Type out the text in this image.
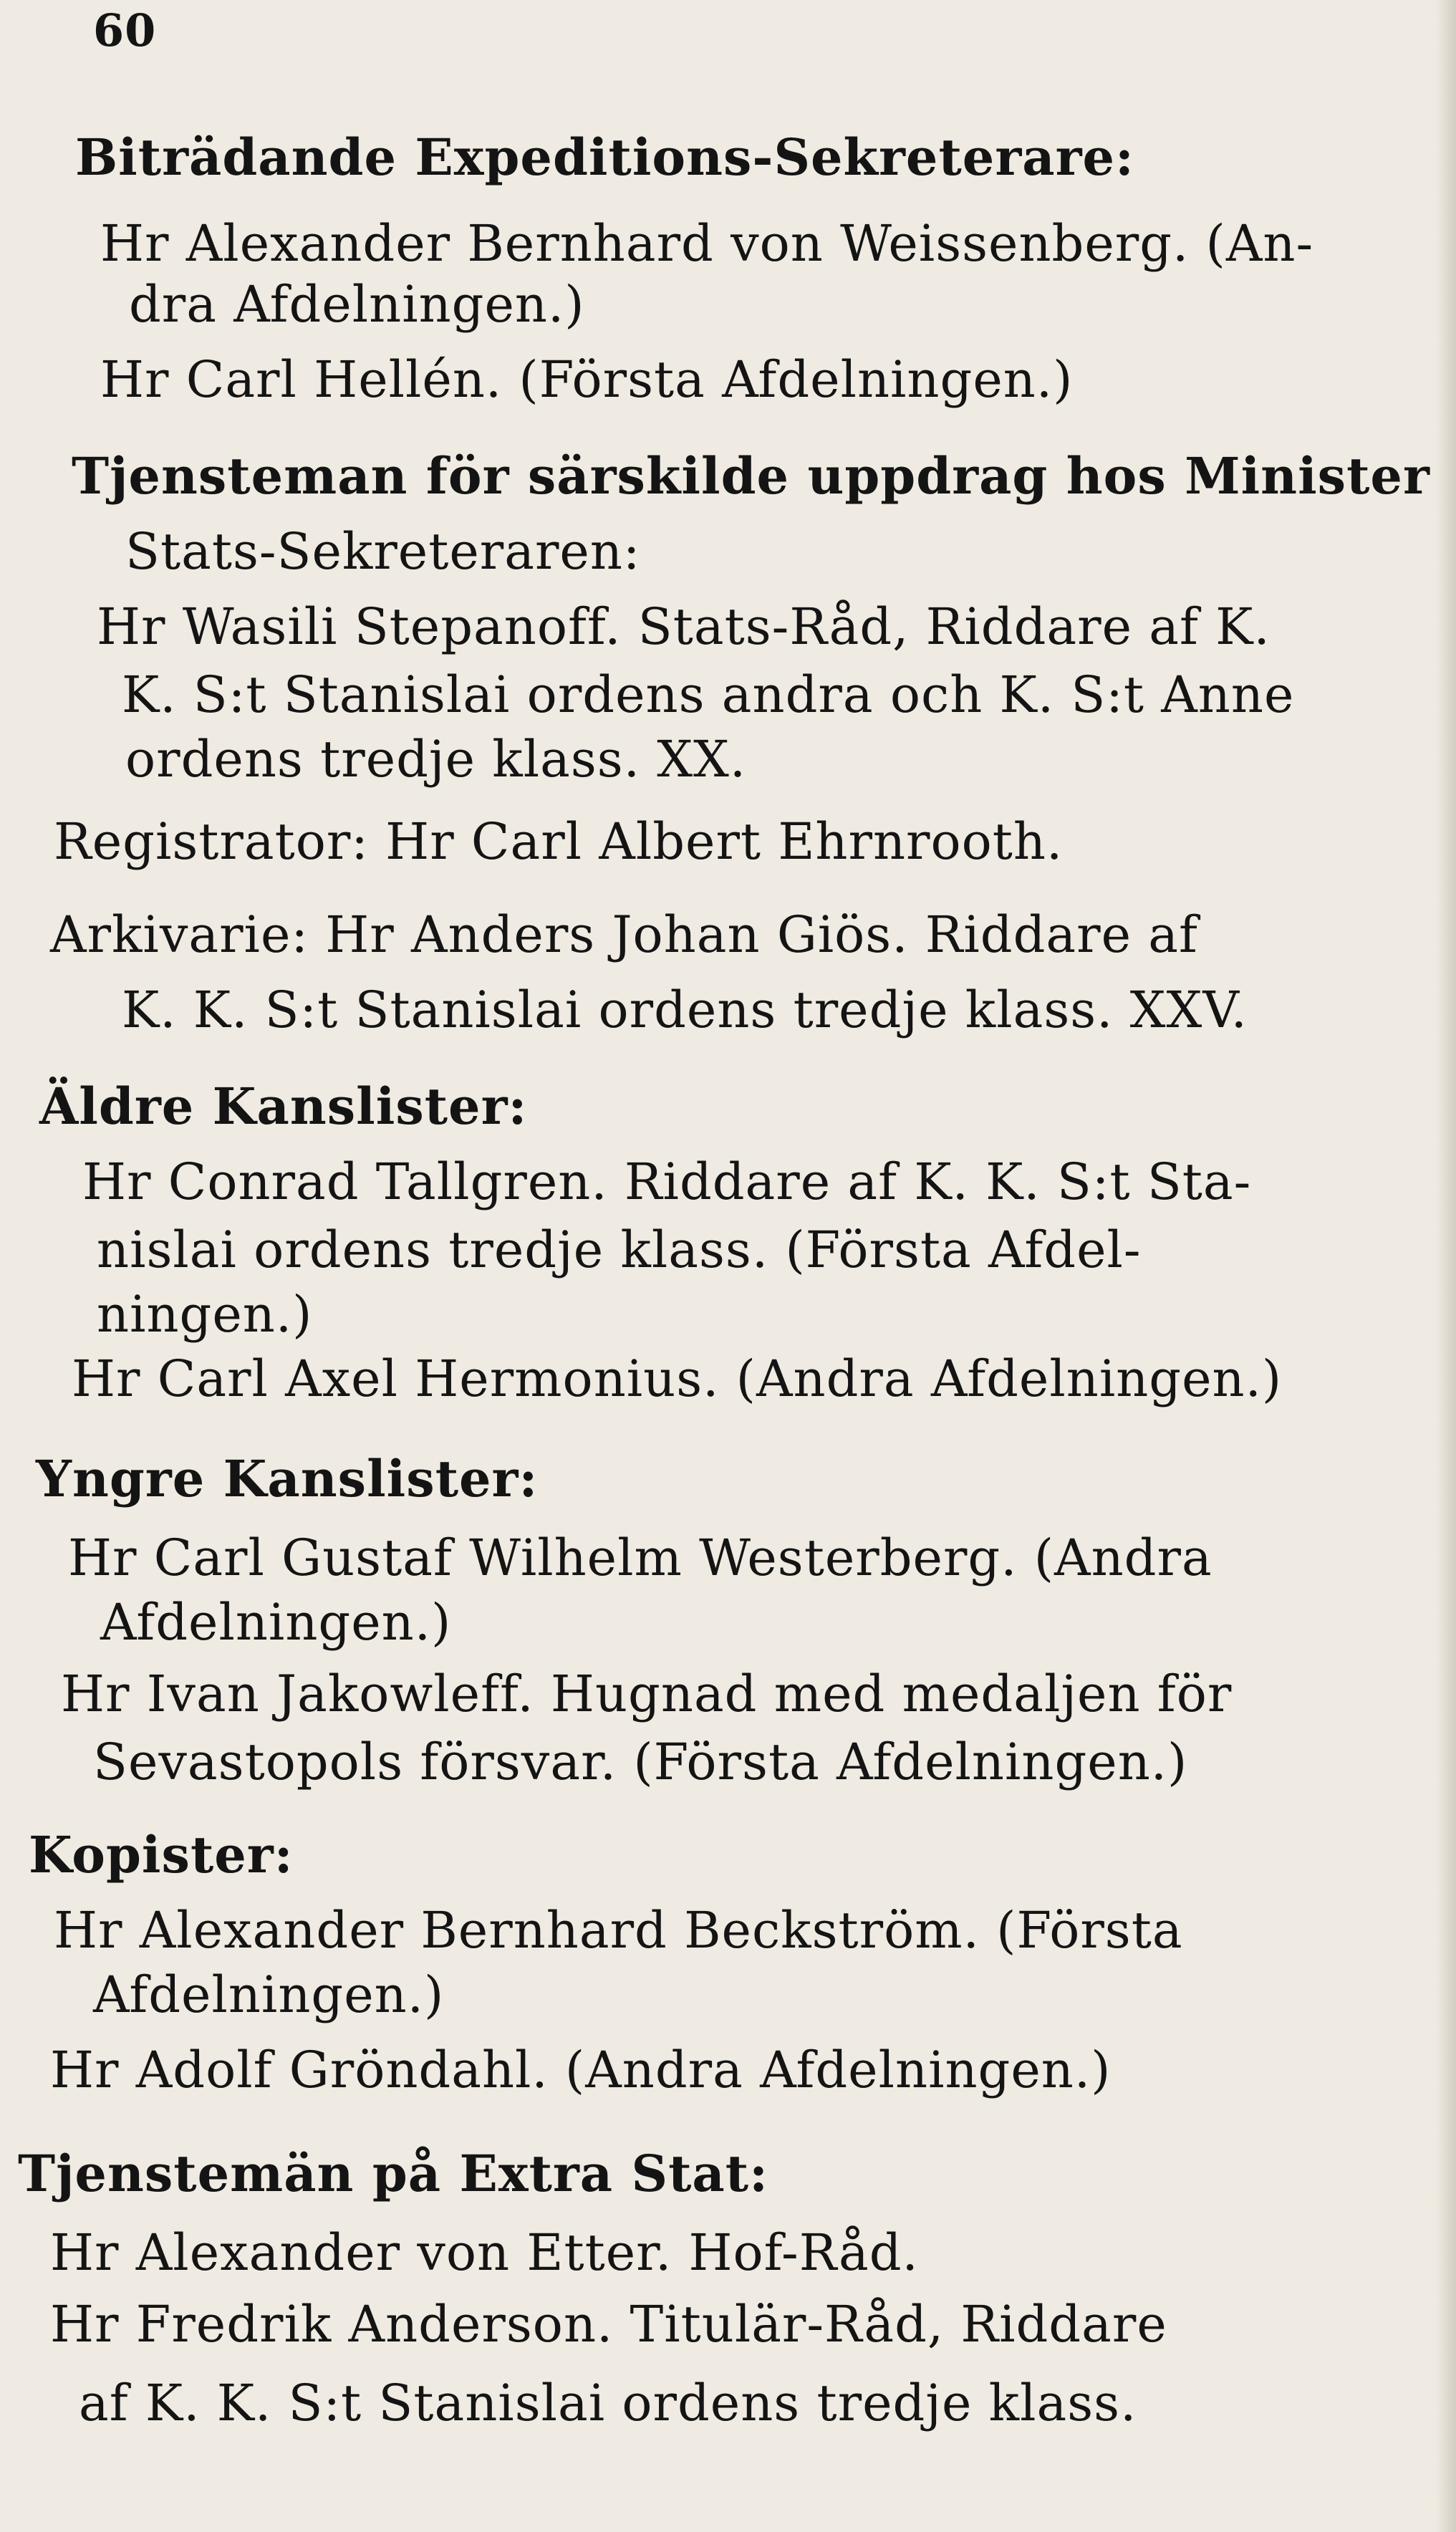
60
Biträdande Expeditions-Sekreterare:
Hr Alexander Bernhard von Weissenberg. (An-
dra Afdelningen.)
Hr Carl Hellén. (Första Afdelningen.)
Tjensteman för särskilde uppdrag hos Minister
Stats-Sekreteraren:
Hr Wasili Stepanoff. Stats-Råd, Riddare af K.
K. S:t Stanislai ordens andra och K. S:t Anne
ordens tredje klass. XX.
Registrator: Hr Carl Albert Ehrnrooth.
Arkivarie: Hr Anders Johan Giös. Riddare af
K. K. S:t Stanislai ordens tredje klass. XXV.
Äldre Kanslister:
Hr Conrad Tallgren. Riddare af K. K. S:t Sta-
nislai ordens tredje klass. (Första Afdel-
ningen.)
Hr Carl Axel Hermonius. (Andra Afdelningen.)
Yngre Kanslister:
Hr Carl Gustaf Wilhelm Westerberg. (Andra
Afdelningen.)
Hr Ivan Jakowleff. Hugnad med medaljen för
Sevastopols försvar. (Första Afdelningen.)
Kopister:
Hr Alexander Bernhard Beckström. (Första
Afdelningen.)
Hr Adolf Gröndahl. (Andra Afdelningen.)
Tjenstemän på Extra Stat:
Hr Alexander von Etter. Hof-Råd.
Hr Fredrik Anderson. Titulär-Råd, Riddare
af K. K. S:t Stanislai ordens tredje klass.
